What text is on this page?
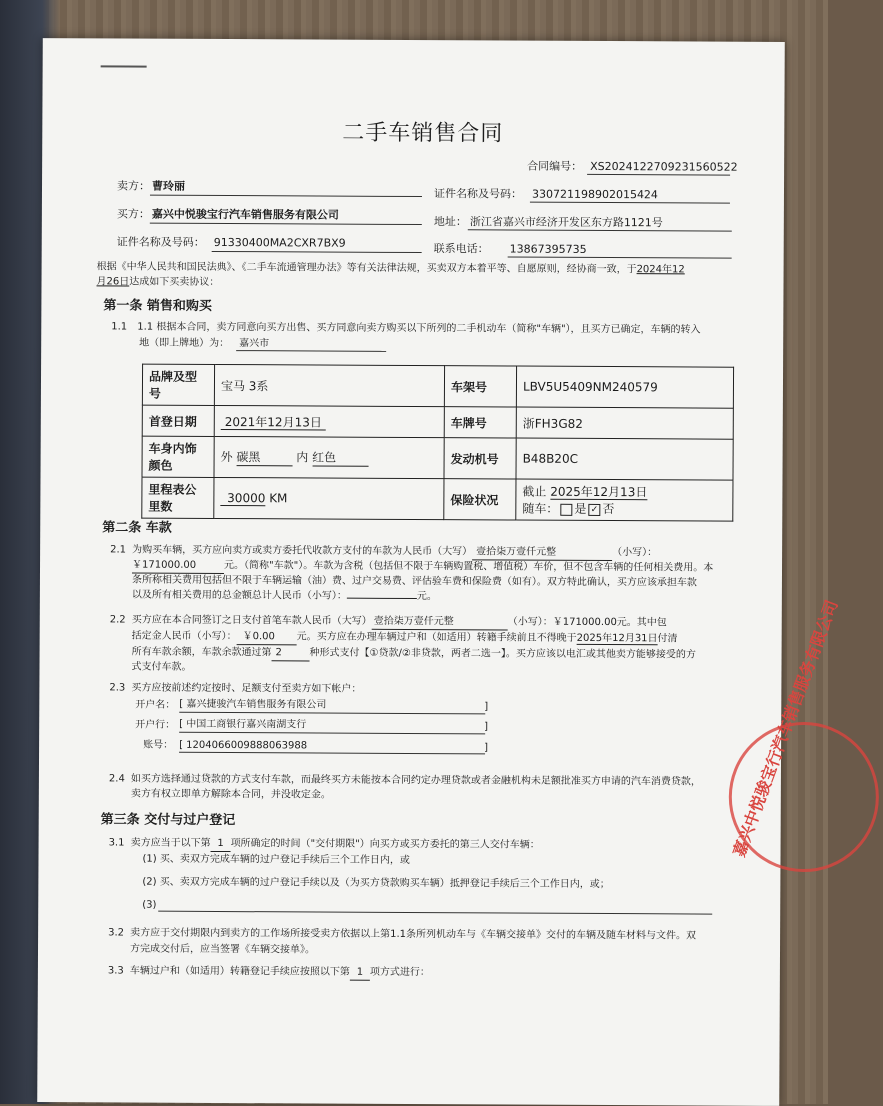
二手车销售合同
合同编号： XS2024122709231560522
卖方： 曹玲丽
证件名称及号码： 330721198902015424
买方： 嘉兴中悦骏宝行汽车销售服务有限公司
地址： 浙江省嘉兴市经济开发区东方路1121号
证件名称及号码： 91330400MA2CXR7BX9	联系电话： 13867395735
根据《中华人民共和国民法典》、《二手车流通管理办法》等有关法律法规，买卖双方本着平等、自愿原则，经协商一致，于2024年12
月26日达成如下买卖协议：
第一条 销售和购买
1.1 1.1 根据本合同，卖方同意向买方出售、买方同意向卖方购买以下所列的二手机动车（简称"车辆"），且买方已确定，车辆的转入
地（即上牌地）为： 嘉兴市
品牌及型号	宝马 3系	车架号	LBV5U5409NM240579
首登日期	2021年12月13日	车牌号	浙FH3G82
车身内饰颜色	外 碳黑 内 红色	发动机号	B48B20C
里程表公里数	30000 KM	保险状况	截止 2025年12月13日
随车： 是 ✓ 否
第二条 车款
2.1 为购买车辆，买方应向卖方或卖方委托代收款方支付的车款为人民币（大写） 壹拾柒万壹仟元整	（小写）：
￥171000.00	元。（简称"车款"）。车款为含税（包括但不限于车辆购置税、增值税）车价，但不包含车辆的任何相关费用。本
条所称相关费用包括但不限于车辆运输（油）费、过户交易费、评估验车费和保险费（如有）。双方特此确认，买方应该承担车款
以及所有相关费用的总金额总计人民币（小写）：	元。
2.2 买方应在本合同签订之日支付首笔车款人民币（大写） 壹拾柒万壹仟元整	（小写）：￥171000.00元。其中包
括定金人民币（小写）： ￥0.00 元。买方应在办理车辆过户和（如适用）转籍手续前且不得晚于2025年12月31日付清
所有车款余额，车款余款通过第 2	种形式支付【①贷款/②非贷款，两者二选一】。买方应该以电汇或其他卖方能够接受的方
式支付车款。
2.3 买方应按前述约定按时、足额支付至卖方如下帐户：
开户名： [ 嘉兴捷骏汽车销售服务有限公司	]
开户行： [ 中国工商银行嘉兴南湖支行	]
账号： [ 1204066009888063988	]
2.4 如买方选择通过贷款的方式支付车款，而最终买方未能按本合同约定办理贷款或者金融机构未足额批准买方申请的汽车消费贷款，
卖方有权立即单方解除本合同，并没收定金。
第三条 交付与过户登记
3.1 卖方应当于以下第 1 项所确定的时间（"交付期限"）向买方或买方委托的第三人交付车辆：
(1) 买、卖双方完成车辆的过户登记手续后三个工作日内，或
(2) 买、卖双方完成车辆的过户登记手续以及（为买方贷款购买车辆）抵押登记手续后三个工作日内，或；
(3)
3.2 卖方应于交付期限内到卖方的工作场所接受卖方依据以上第1.1条所列机动车与《车辆交接单》交付的车辆及随车材料与文件。双
方完成交付后，应当签署《车辆交接单》。
3.3 车辆过户和（如适用）转籍登记手续应按照以下第 1 项方式进行：
嘉兴中悦骏宝行汽车销售服务有限公司
